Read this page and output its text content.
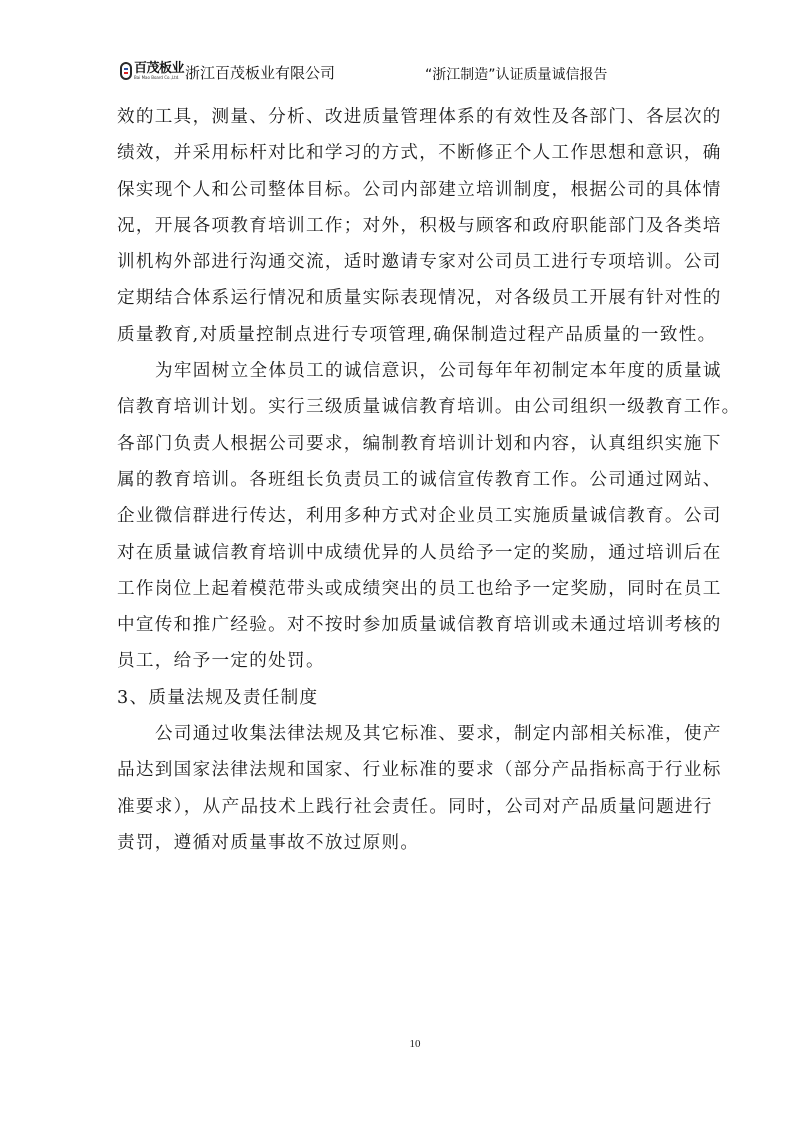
百茂板业
Bai Mao Board Co.,Ltd. 浙江百茂板业有限公司	“浙江制造”认证质量诚信报告
效的工具，测量、分析、改进质量管理体系的有效性及各部门、各层次的
绩效，并采用标杆对比和学习的方式，不断修正个人工作思想和意识，确
保实现个人和公司整体目标。公司内部建立培训制度，根据公司的具体情
况，开展各项教育培训工作；对外，积极与顾客和政府职能部门及各类培
训机构外部进行沟通交流，适时邀请专家对公司员工进行专项培训。公司
定期结合体系运行情况和质量实际表现情况，对各级员工开展有针对性的
质量教育,对质量控制点进行专项管理,确保制造过程产品质量的一致性。
为牢固树立全体员工的诚信意识，公司每年年初制定本年度的质量诚
信教育培训计划。实行三级质量诚信教育培训。由公司组织一级教育工作。
各部门负责人根据公司要求，编制教育培训计划和内容，认真组织实施下
属的教育培训。各班组长负责员工的诚信宣传教育工作。公司通过网站、
企业微信群进行传达，利用多种方式对企业员工实施质量诚信教育。公司
对在质量诚信教育培训中成绩优异的人员给予一定的奖励，通过培训后在
工作岗位上起着模范带头或成绩突出的员工也给予一定奖励，同时在员工
中宣传和推广经验。对不按时参加质量诚信教育培训或未通过培训考核的
员工，给予一定的处罚。
3、质量法规及责任制度
公司通过收集法律法规及其它标准、要求，制定内部相关标准，使产
品达到国家法律法规和国家、行业标准的要求（部分产品指标高于行业标
准要求），从产品技术上践行社会责任。同时，公司对产品质量问题进行
责罚，遵循对质量事故不放过原则。
10
